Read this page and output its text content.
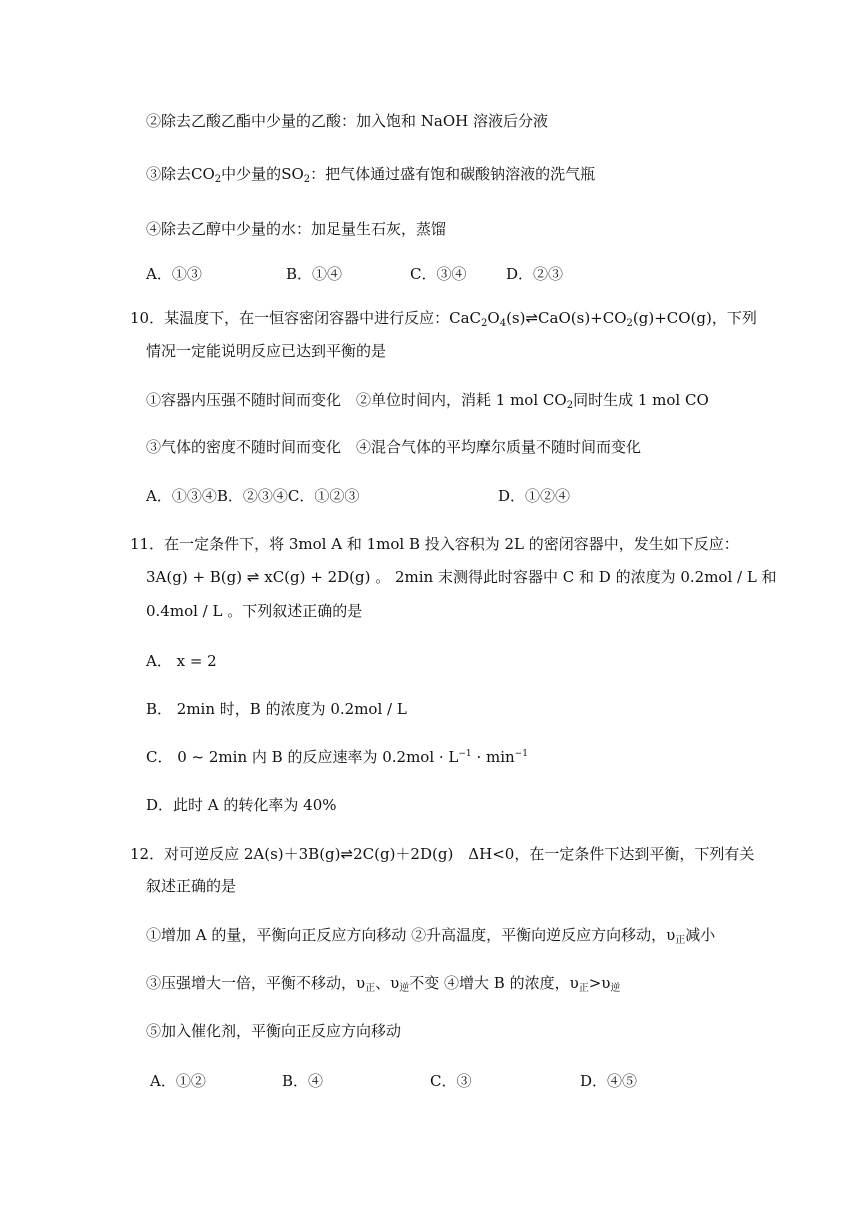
②除去乙酸乙酯中少量的乙酸：加入饱和 NaOH 溶液后分液
③除去$CO_2$中少量的$SO_2$：把气体通过盛有饱和碳酸钠溶液的洗气瓶
④除去乙醇中少量的水：加足量生石灰，蒸馏
A．①③	B．①④	C．③④	D．②③
10．某温度下，在一恒容密闭容器中进行反应：$CaC_2O_4(s)\rightleftharpoons CaO(s)+CO_2(g)+CO(g)$，下列
情况一定能说明反应已达到平衡的是
①容器内压强不随时间而变化　②单位时间内，消耗 1 mol $CO_2$同时生成 1 mol CO
③气体的密度不随时间而变化　④混合气体的平均摩尔质量不随时间而变化
A．①③④B．②③④C．①②③	D．①②④
11．在一定条件下，将 3mol A 和 1mol B 投入容积为 2L 的密闭容器中，发生如下反应：
3A(g) + B(g) ⇌ xC(g) + 2D(g) 。 2min 末测得此时容器中 C 和 D 的浓度为 0.2mol / L 和
0.4mol / L 。下列叙述正确的是
A． x = 2
B． 2min 时，B 的浓度为 0.2mol / L
C． 0 ~ 2min 内 B 的反应速率为 $0.2mol \cdot L^{-1} \cdot \min^{-1}$
D．此时 A 的转化率为 40%
12．对可逆反应 2A(s)＋3B(g)⇌2C(g)＋2D(g)　ΔH<0，在一定条件下达到平衡，下列有关
叙述正确的是
①增加 A 的量，平衡向正反应方向移动 ②升高温度，平衡向逆反应方向移动，$\upsilon_正$减小
③压强增大一倍，平衡不移动，$\upsilon_正$、$\upsilon_逆$不变 ④增大 B 的浓度，$\upsilon_正>\upsilon_逆$
⑤加入催化剂，平衡向正反应方向移动
A．①②	B．④	C．③	D．④⑤
